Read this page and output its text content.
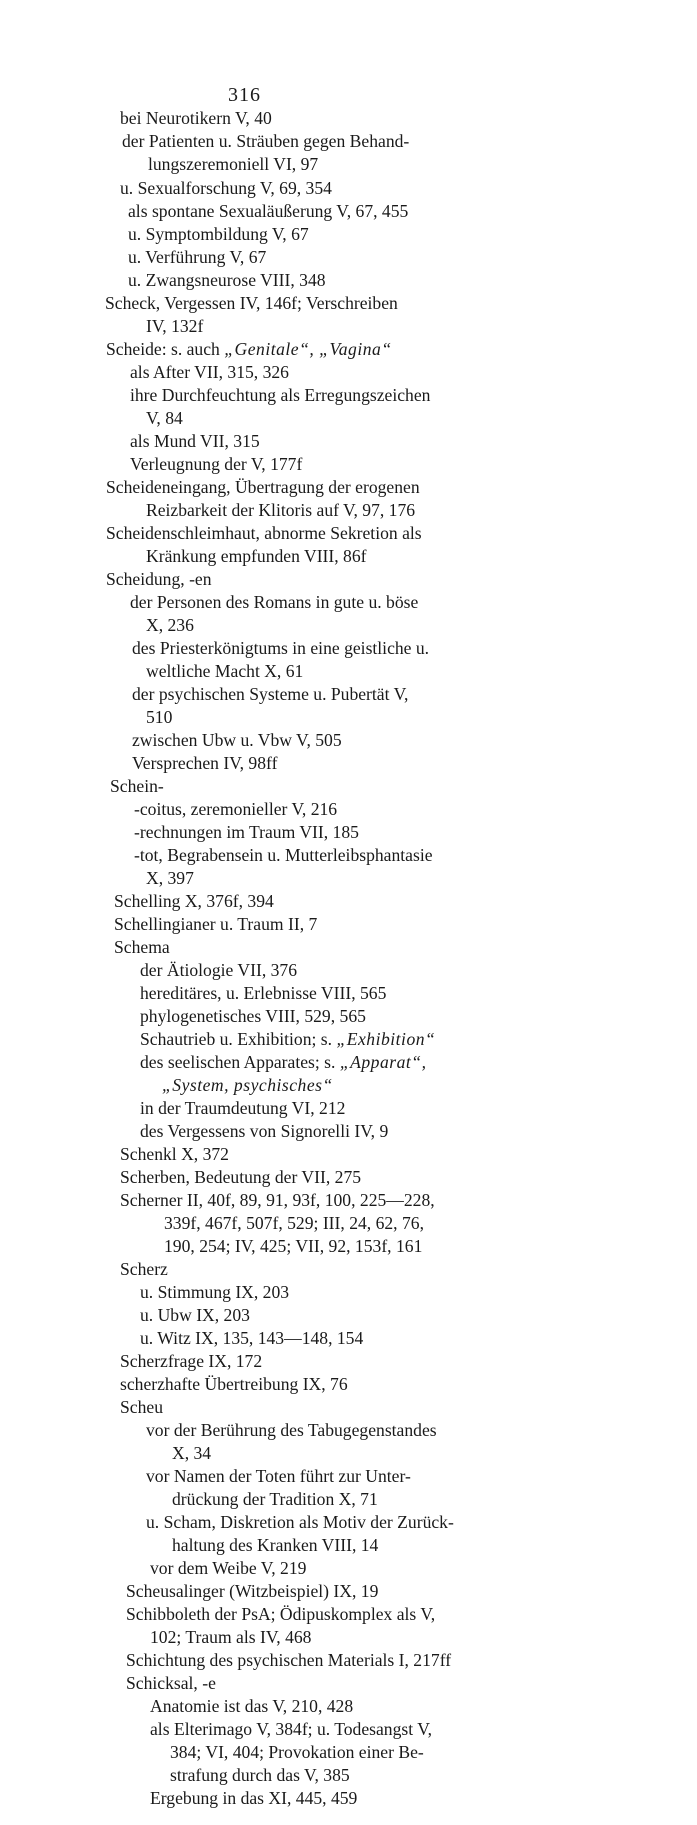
316
bei Neurotikern V, 40
der Patienten u. Sträuben gegen Behand-
lungszeremoniell VI, 97
u. Sexualforschung V, 69, 354
als spontane Sexualäußerung V, 67, 455
u. Symptombildung V, 67
u. Verführung V, 67
u. Zwangsneurose VIII, 348
Scheck, Vergessen IV, 146f; Verschreiben
IV, 132f
Scheide: s. auch „Genitale“, „Vagina“
als After VII, 315, 326
ihre Durchfeuchtung als Erregungszeichen
V, 84
als Mund VII, 315
Verleugnung der V, 177f
Scheideneingang, Übertragung der erogenen
Reizbarkeit der Klitoris auf V, 97, 176
Scheidenschleimhaut, abnorme Sekretion als
Kränkung empfunden VIII, 86f
Scheidung, -en
der Personen des Romans in gute u. böse
X, 236
des Priesterkönigtums in eine geistliche u.
weltliche Macht X, 61
der psychischen Systeme u. Pubertät V,
510
zwischen Ubw u. Vbw V, 505
Versprechen IV, 98ff
Schein-
-coitus, zeremonieller V, 216
-rechnungen im Traum VII, 185
-tot, Begrabensein u. Mutterleibsphantasie
X, 397
Schelling X, 376f, 394
Schellingianer u. Traum II, 7
Schema
der Ätiologie VII, 376
hereditäres, u. Erlebnisse VIII, 565
phylogenetisches VIII, 529, 565
Schautrieb u. Exhibition; s. „Exhibition“
des seelischen Apparates; s. „Apparat“,
„System, psychisches“
in der Traumdeutung VI, 212
des Vergessens von Signorelli IV, 9
Schenkl X, 372
Scherben, Bedeutung der VII, 275
Scherner II, 40f, 89, 91, 93f, 100, 225—228,
339f, 467f, 507f, 529; III, 24, 62, 76,
190, 254; IV, 425; VII, 92, 153f, 161
Scherz
u. Stimmung IX, 203
u. Ubw IX, 203
u. Witz IX, 135, 143—148, 154
Scherzfrage IX, 172
scherzhafte Übertreibung IX, 76
Scheu
vor der Berührung des Tabugegenstandes
X, 34
vor Namen der Toten führt zur Unter-
drückung der Tradition X, 71
u. Scham, Diskretion als Motiv der Zurück-
haltung des Kranken VIII, 14
vor dem Weibe V, 219
Scheusalinger (Witzbeispiel) IX, 19
Schibboleth der PsA; Ödipuskomplex als V,
102; Traum als IV, 468
Schichtung des psychischen Materials I, 217ff
Schicksal, -e
Anatomie ist das V, 210, 428
als Elterimago V, 384f; u. Todesangst V,
384; VI, 404; Provokation einer Be-
strafung durch das V, 385
Ergebung in das XI, 445, 459
